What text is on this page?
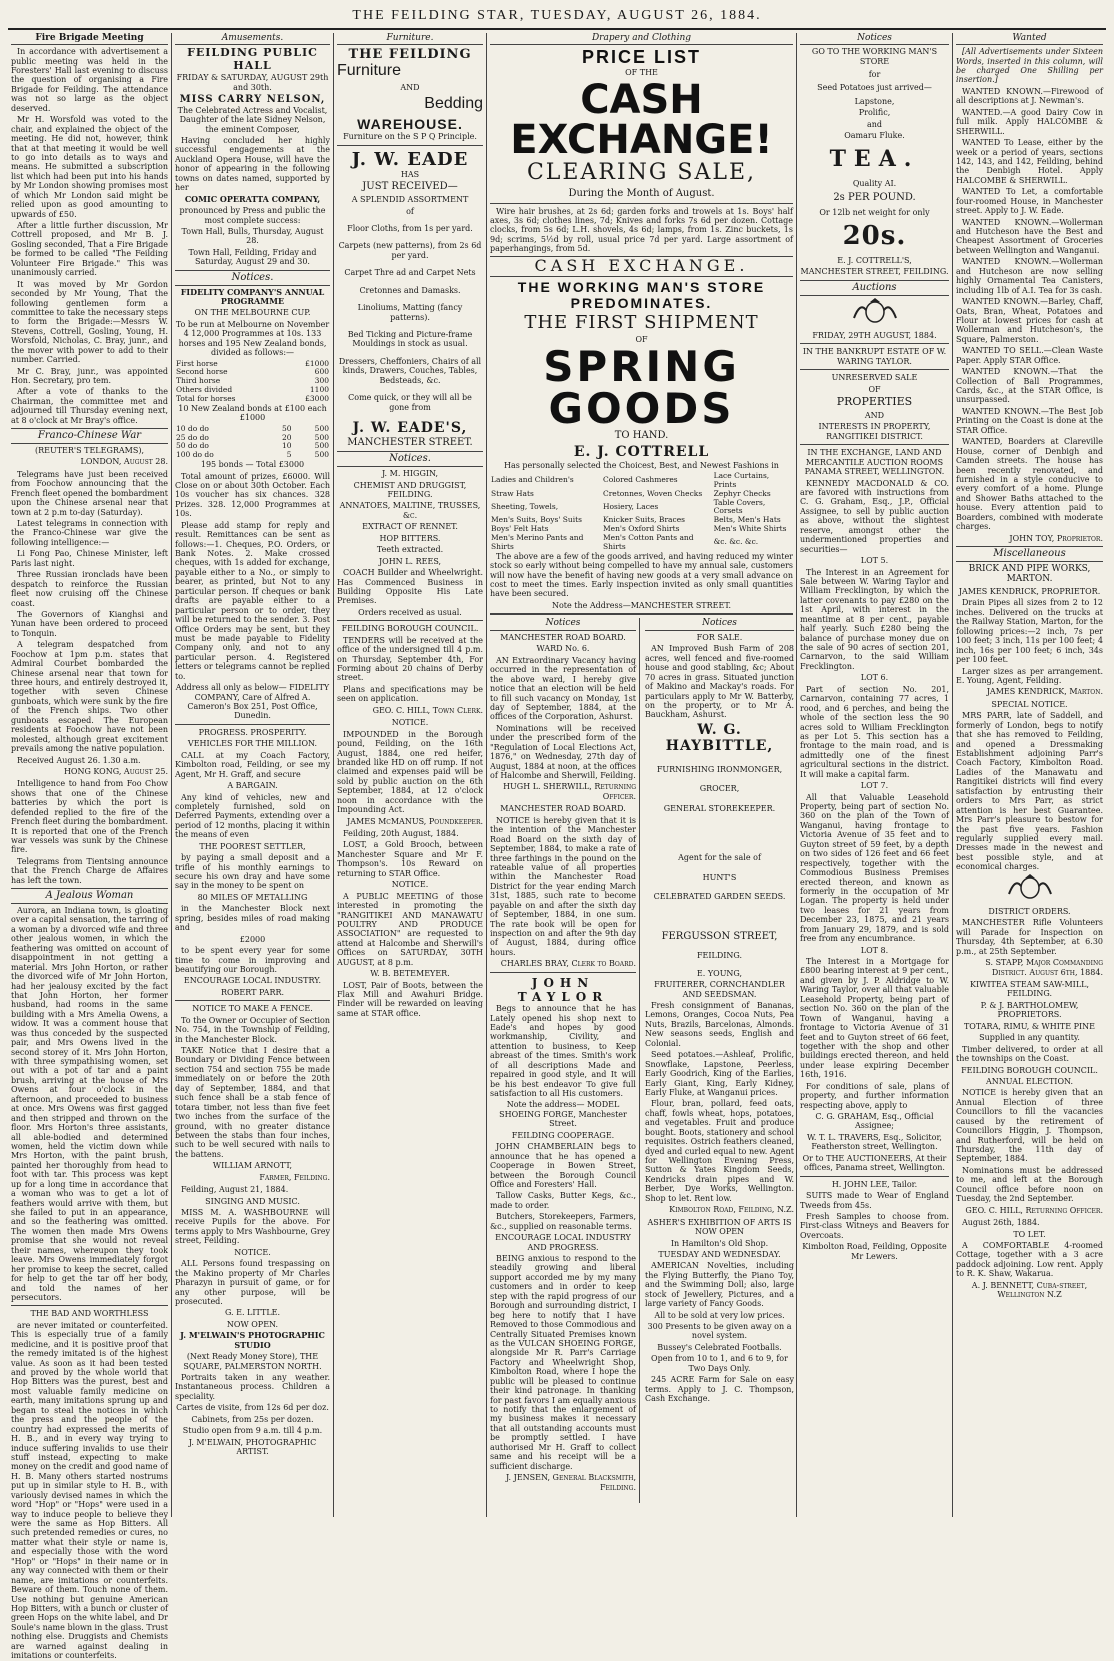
THE FEILDING STAR, TUESDAY, AUGUST 26, 1884.
Fire Brigade Meeting
In accordance with advertisement a public meeting was held in the Foresters' Hall last evening to discuss the question of organising a Fire Brigade for Feilding. The attendance was not so large as the object deserved.
Mr H. Worsfold was voted to the chair, and explained the object of the meeting. He did not, however, think that at that meeting it would be well to go into details as to ways and means. He submitted a subscription list which had been put into his hands by Mr London showing promises most of which Mr London said might be relied upon as good amounting to upwards of £50.
After a little further discussion, Mr Cottrell proposed, and Mr B. J. Gosling seconded, That a Fire Brigade be formed to be called "The Feilding Volunteer Fire Brigade." This was unanimously carried.
It was moved by Mr Gordon seconded by Mr Young, That the following gentlemen form a committee to take the necessary steps to form the Brigade:—Messrs W. Stevens, Cottrell, Gosling, Young, H. Worsfold, Nicholas, C. Bray, junr., and the mover with power to add to their number. Carried.
Mr C. Bray, junr., was appointed Hon. Secretary, pro tem.
After a vote of thanks to the Chairman, the committee met and adjourned till Thursday evening next, at 8 o'clock at Mr Bray's office.
Franco-Chinese War
(REUTER'S TELEGRAMS),
LONDON, August 28.
Telegrams have just been received from Foochow announcing that the French fleet opened the bombardment upon the Chinese arsenal near that town at 2 p.m to-day (Saturday).
Latest telegrams in connection with the Franco-Chinese war give the following intelligence:—
Li Fong Pao, Chinese Minister, left Paris last night.
Three Russian ironclads have been despatch to reinforce the Russian fleet now cruising off the Chinese coast.
The Governors of Kianghsi and Yunan have been ordered to proceed to Tonquin.
A telegram despatched from Foochow at 1pm p.m. states that Admiral Courbet bombarded the Chinese arsenal near that town for three hours, and entirely destroyed it, together with seven Chinese gunboats, which were sunk by the fire of the French ships. Two other gunboats escaped. The European residents at Foochow have not been molested, although great excitement prevails among the native population.
Received August 26. 1.30 a.m.
HONG KONG, August 25.
Intelligence to hand from Foo Chow shows that one of the Chinese batteries by which the port is defended replied to the fire of the French fleet during the bombardment. It is reported that one of the French war vessels was sunk by the Chinese fire.
Telegrams from Tientsing announce that the French Charge de Affaires has left the town.
A Jealous Woman
Aurora, an Indiana town, is gloating over a capital sensation, the tarring of a woman by a divorced wife and three other jealous women, in which the feathering was omitted on account of disappointment in not getting a material. Mrs John Horton, or rather the divorced wife of Mr John Horton, had her jealousy excited by the fact that John Horton, her former husband, had rooms in the same building with a Mrs Amelia Owens, a widow. It was a comment house that was thus conceded by the suspected pair, and Mrs Owens lived in the second storey of it. Mrs John Horton, with three sympathising women, set out with a pot of tar and a paint brush, arriving at the house of Mrs Owens at four o'clock in the afternoon, and proceeded to business at once. Mrs Owens was first gagged and then stripped and thrown on the floor. Mrs Horton's three assistants, all able-bodied and determined women, held the victim down while Mrs Horton, with the paint brush, painted her thoroughly from head to foot with tar. This process was kept up for a long time in accordance that a woman who was to get a lot of feathers would arrive with them, but she failed to put in an appearance, and so the feathering was omitted. The women then made Mrs Owens promise that she would not reveal their names, whereupon they took leave. Mrs Owens immediately forgot her promise to keep the secret, called for help to get the tar off her body, and told the names of her persecutors.
THE BAD AND WORTHLESS
are never imitated or counterfeited. This is especially true of a family medicine, and it is positive proof that the remedy imitated is of the highest value. As soon as it had been tested and proved by the whole world that Hop Bitters was the purest, best and most valuable family medicine on earth, many imitations sprung up and began to steal the notices in which the press and the people of the country had expressed the merits of H. B., and in every way trying to induce suffering invalids to use their stuff instead, expecting to make money on the credit and good name of H. B. Many others started nostrums put up in similar style to H. B., with variously devised names in which the word "Hop" or "Hops" were used in a way to induce people to believe they were the same as Hop Bitters. All such pretended remedies or cures, no matter what their style or name is, and especially those with the word "Hop" or "Hops" in their name or in any way connected with them or their name, are imitations or counterfeits. Beware of them. Touch none of them. Use nothing but genuine American Hop Bitters, with a bunch or cluster of green Hops on the white label, and Dr Soule's name blown in the glass. Trust nothing else. Druggists and Chemists are warned against dealing in imitations or counterfeits.
Amusements.
FEILDING PUBLIC HALL
FRIDAY & SATURDAY, AUGUST 29th and 30th.
MISS CARRY NELSON,
The Celebrated Actress and Vocalist, Daughter of the late Sidney Nelson, the eminent Composer,
Having concluded her highly successful engagements at the Auckland Opera House, will have the honor of appearing in the following towns on dates named, supported by her
COMIC OPERATTA COMPANY,
pronounced by Press and public the most complete success:
Town Hall, Bulls, Thursday, August 28.
Town Hall, Feilding, Friday and Saturday, August 29 and 30.
Notices.
FIDELITY COMPANY'S ANNUAL PROGRAMME
ON THE MELBOURNE CUP.
To be run at Melbourne on November 4 12,000 Programmes at 10s. 133 horses and 195 New Zealand bonds, divided as follows:—
First horse	£1000
Second horse	600
Third horse	300
Others divided	1100
Total for horses	£3000
10 New Zealand bonds at £100 each £1000
10 do do	50	500
25 do do	20	500
50 do do	10	500
100 do do	5	500
195 bonds — Total £3000
Total amount of prizes, £6000. Will Close on or about 30th October. Each 10s voucher has six chances. 328 Prizes. 328. 12,000 Programmes at 10s.
Please add stamp for reply and result. Remittances can be sent as follows:—1. Cheques, P.O. Orders, or Bank Notes. 2. Make crossed cheques, with 1s added for exchange, payable either to a No., or simply to bearer, as printed, but Not to any particular person. If cheques or bank drafts are payable either to a particular person or to order, they will be returned to the sender. 3. Post Office Orders may be sent, but they must be made payable to Fidelity Company only, and not to any particular person. 4. Registered letters or telegrams cannot be replied to.
Address all only as below— FIDELITY COMPANY, Care of Alfred A. Cameron's Box 251, Post Office, Dunedin.
PROGRESS. PROSPERITY.
VEHICLES FOR THE MILLION.
CALL at my Coach Factory, Kimbolton road, Feilding, or see my Agent, Mr H. Graff, and secure
A BARGAIN.
Any kind of vehicles, new and completely furnished, sold on Deferred Payments, extending over a period of 12 months, placing it within the means of even
THE POOREST SETTLER,
by paying a small deposit and a trifle of his monthly earnings to secure his own dray and have some say in the money to be spent on
80 MILES OF METALLING
in the Manchester Block next spring, besides miles of road making and
£2000
to be spent every year for some time to come in improving and beautifying our Borough.
ENCOURAGE LOCAL INDUSTRY.
ROBERT PARR.
NOTICE TO MAKE A FENCE.
To the Owner or Occupier of Section No. 754, in the Township of Feilding, in the Manchester Block.
TAKE Notice that I desire that a Boundary or Dividing Fence between section 754 and section 755 be made immediately on or before the 20th day of September, 1884, and that such fence shall be a stab fence of totara timber, not less than five feet two inches from the surface of the ground, with no greater distance between the stabs than four inches, such to be well secured with nails to the battens.
WILLIAM ARNOTT,
Farmer, Feilding.
Feilding, August 21, 1884.
SINGING AND MUSIC.
MISS M. A. WASHBOURNE will receive Pupils for the above. For terms apply to Mrs Washbourne, Grey street, Feilding.
NOTICE.
ALL Persons found trespassing on the Makino property of Mr Charles Pharazyn in pursuit of game, or for any other purpose, will be prosecuted.
G. E. LITTLE.
NOW OPEN.
J. M'ELWAIN'S PHOTOGRAPHIC STUDIO
(Next Ready Money Store), THE SQUARE, PALMERSTON NORTH.
Portraits taken in any weather. Instantaneous process. Children a speciality.
Cartes de visite, from 12s 6d per doz.
Cabinets, from 25s per dozen.
Studio open from 9 a.m. till 4 p.m.
J. M'ELWAIN, PHOTOGRAPHIC ARTIST.
Furniture.
THE FEILDING
Furniture
AND
Bedding
WAREHOUSE.
Furniture on the S P Q Principle.
J. W. EADE
HAS
JUST RECEIVED—
A SPLENDID ASSORTMENT
of
Floor Cloths, from 1s per yard.
Carpets (new patterns), from 2s 6d per yard.
Carpet Thre ad and Carpet Nets
Cretonnes and Damasks.
Linoliums, Matting (fancy patterns).
Bed Ticking and Picture-frame Mouldings in stock as usual.
Dressers, Cheffoniers, Chairs of all kinds, Drawers, Couches, Tables, Bedsteads, &c.
Come quick, or they will all be gone from
J. W. EADE'S,
MANCHESTER STREET.
Notices.
J. M. HIGGIN,
CHEMIST AND DRUGGIST, FEILDING.
ANNATOES, MALTINE, TRUSSES, &c.
EXTRACT OF RENNET.
HOP BITTERS.
Teeth extracted.
JOHN L. REES,
COACH Builder and Wheelwright. Has Commenced Business in Building Opposite His Late Premises.
Orders received as usual.
FEILDING BOROUGH COUNCIL.
TENDERS will be received at the office of the undersigned till 4 p.m. on Thursday, September 4th, For Forming about 20 chains of Derby street.
Plans and specifications may be seen on application.
GEO. C. HILL, Town Clerk.
NOTICE.
IMPOUNDED in the Borough pound, Feilding, on the 16th August, 1884, one red heifer, branded like HD on off rump. If not claimed and expenses paid will be sold by public auction on the 6th September, 1884, at 12 o'clock noon in accordance with the Impounding Act.
JAMES McMANUS, Poundkeeper.
Feilding, 20th August, 1884.
LOST, a Gold Brooch, between Manchester Square and Mr F. Thompson's. 10s Reward on returning to STAR Office.
NOTICE.
A PUBLIC MEETING of those interested in promoting the "RANGITIKEI AND MANAWATU POULTRY AND PRODUCE ASSOCIATION" are requested to attend at Halcombe and Sherwill's Offices on SATURDAY, 30TH AUGUST, at 8 p.m.
W. B. BETEMEYER.
LOST, Pair of Boots, between the Flax Mill and Awahuri Bridge. Finder will be rewarded on leaving same at STAR office.
Drapery and Clothing
PRICE LIST
OF THE
CASH EXCHANGE!
CLEARING SALE,
During the Month of August.
Wire hair brushes, at 2s 6d; garden forks and trowels at 1s. Boys' half axes, 3s 6d; clothes lines, 7d; Knives and forks 7s 6d per dozen. Cottage clocks, from 5s 6d; L.H. shovels, 4s 6d; lamps, from 1s. Zinc buckets, 1s 9d; scrims, 5½d by roll, usual price 7d per yard. Large assortment of paperhangings, from 5d.
CASH EXCHANGE.
THE WORKING MAN'S STORE PREDOMINATES.
THE FIRST SHIPMENT
OF
SPRING GOODS
TO HAND.
E. J. COTTRELL
Has personally selected the Choicest, Best, and Newest Fashions in
Ladies and Children's	Colored Cashmeres	Lace Curtains, Prints
Straw Hats	Cretonnes, Woven Checks	Zephyr Checks
Sheeting, Towels,	Hosiery, Laces	Table Covers, Corsets
Men's Suits, Boys' Suits	Knicker Suits, Braces	Belts, Men's Hats
Boys' Felt Hats	Men's Oxford Shirts	Men's White Shirts
Men's Merino Pants and Shirts	Men's Cotton Pants and Shirts	&c. &c. &c.
The above are a few of the goods arrived, and having reduced my winter stock so early without being compelled to have my annual sale, customers will now have the benefit of having new goods at a very small advance on cost to meet the times. Early inspection invited as only small quantities have been secured.
Note the Address—MANCHESTER STREET.
Notices
MANCHESTER ROAD BOARD.
WARD No. 6.
AN Extraordinary Vacancy having occurred in the representation of the above ward, I hereby give notice that an election will be held to fill such vacancy on Monday, 1st day of September, 1884, at the offices of the Corporation, Ashurst.
Nominations will be received under the prescribed form of the "Regulation of Local Elections Act, 1876," on Wednesday, 27th day of August, 1884 at noon, at the offices of Halcombe and Sherwill, Feilding.
HUGH L. SHERWILL, Returning Officer.
MANCHESTER ROAD BOARD.
NOTICE is hereby given that it is the intention of the Manchester Road Board on the sixth day of September, 1884, to make a rate of three farthings in the pound on the rateable value of all properties within the Manchester Road District for the year ending March 31st, 1885, such rate to become payable on and after the sixth day of September, 1884, in one sum. The rate book will be open for inspection on and after the 9th day of August, 1884, during office hours.
CHARLES BRAY, Clerk to Board.
JOHN TAYLOR
Begs to announce that he has Lately opened his shop next to Eade's and hopes by good workmanship, Civility, and attention to business, to Keep abreast of the times. Smith's work of all descriptions Made and repaired in good style, and It will be his best endeavor To give full satisfaction to all His customers.
Note the address— MODEL SHOEING FORGE, Manchester Street.
FEILDING COOPERAGE.
JOHN CHAMBERLAIN begs to announce that he has opened a Cooperage in Bowen Street, between the Borough Council Office and Foresters' Hall.
Tallow Casks, Butter Kegs, &c., made to order.
Butchers, Storekeepers, Farmers, &c., supplied on reasonable terms.
ENCOURAGE LOCAL INDUSTRY AND PROGRESS.
BEING anxious to respond to the steadily growing and liberal support accorded me by my many customers and in order to keep step with the rapid progress of our Borough and surrounding district, I beg here to notify that I have Removed to those Commodious and Centrally Situated Premises known as the VULCAN SHOEING FORGE, alongside Mr R. Parr's Carriage Factory and Wheelwright Shop, Kimbolton Road, where I hope the public will be pleased to continue their kind patronage. In thanking for past favors I am equally anxious to notify that the enlargement of my business makes it necessary that all outstanding accounts must be promptly settled. I have authorised Mr H. Graff to collect same and his receipt will be a sufficient discharge.
J. JENSEN, General Blacksmith, Feilding.
Notices
FOR SALE.
AN Improved Bush Farm of 208 acres, well fenced and five-roomed house and good stabling, &c; About 70 acres in grass. Situated junction of Makino and Mackay's roads. For particulars apply to Mr W. Batterby, on the property, or to Mr A. Bauckham, Ashurst.
W. G. HAYBITTLE,
FURNISHING IRONMONGER,
GROCER,
GENERAL STOREKEEPER.
Agent for the sale of
HUNT'S
CELEBRATED GARDEN SEEDS.
FERGUSSON STREET,
FEILDING.
E. YOUNG,
FRUITERER, CORNCHANDLER AND SEEDSMAN.
Fresh consignment of Bananas, Lemons, Oranges, Cocoa Nuts, Pea Nuts, Brazils, Barcelonas, Almonds. New seasons seeds, English and Colonial.
Seed potatoes.—Ashleaf, Prolific, Snowflake, Lapstone, Peerless, Early Goodrich, King of the Earlies, Early Giant, King, Early Kidney, Early Fluke, at Wanganui prices.
Flour, bran, pollard, feed oats, chaff, fowls wheat, hops, potatoes, and vegetables. Fruit and produce bought. Boots, stationery and school requisites. Ostrich feathers cleaned, dyed and curled equal to new. Agent for Wellington Evening Press, Sutton & Yates Kingdom Seeds, Kendricks drain pipes and W. Berber, Dye Works, Wellington. Shop to let. Rent low.
Kimbolton Road, Feilding, N.Z.
ASHER'S EXHIBITION OF ARTS IS NOW OPEN
In Hamilton's Old Shop.
TUESDAY AND WEDNESDAY.
AMERICAN Novelties, including the Flying Butterfly, the Piano Toy, and the Swimming Doll; also, large stock of Jewellery, Pictures, and a large variety of Fancy Goods.
All to be sold at very low prices.
300 Presents to be given away on a novel system.
Bussey's Celebrated Footballs.
Open from 10 to 1, and 6 to 9, for Two Days Only.
245 ACRE Farm for Sale on easy terms. Apply to J. C. Thompson, Cash Exchange.
Notices
GO TO THE WORKING MAN'S STORE
for
Seed Potatoes just arrived—
Lapstone,
Prolific,
and
Oamaru Fluke.
TEA.
Quality AI.
2s PER POUND.
Or 12lb net weight for only
20s.
E. J. COTTRELL'S,
MANCHESTER STREET, FEILDING.
Auctions
FRIDAY, 29TH AUGUST, 1884.
IN THE BANKRUPT ESTATE OF W. WARING TAYLOR.
UNRESERVED SALE
OF
PROPERTIES
AND
INTERESTS IN PROPERTY, RANGITIKEI DISTRICT.
IN THE EXCHANGE, LAND AND MERCANTILE AUCTION ROOMS PANAMA STREET, WELLINGTON.
KENNEDY MACDONALD & CO. are favored with instructions from C. G. Graham, Esq., J.P., Official Assignee, to sell by public auction as above, without the slightest reserve, amongst other the undermentioned properties and securities—
LOT 5.
The Interest in an Agreement for Sale between W. Waring Taylor and William Frecklington, by which the latter covenants to pay £280 on the 1st April, with interest in the meantime at 8 per cent., payable half yearly. Such £280 being the balance of purchase money due on the sale of 90 acres of section 201, Carnarvon, to the said William Frecklington.
LOT 6.
Part of section No. 201, Carnarvon, containing 77 acres, 1 rood, and 6 perches, and being the whole of the section less the 90 acres sold to William Frecklington as per Lot 5. This section has a frontage to the main road, and is admittedly one of the finest agricultural sections in the district. It will make a capital farm.
LOT 7.
All that Valuable Leasehold Property, being part of section No. 360 on the plan of the Town of Wanganui, having frontage to Victoria Avenue of 35 feet and to Guyton street of 59 feet, by a depth on two sides of 126 feet and 66 feet respectively, together with the Commodious Business Premises erected thereon, and known as formerly in the occupation of Mr Logan. The property is held under two leases for 21 years from December 23, 1875, and 21 years from January 29, 1879, and is sold free from any encumbrance.
LOT 8.
The Interest in a Mortgage for £800 bearing interest at 9 per cent., and given by J. P. Aldridge to W. Waring Taylor, over all that valuable Leasehold Property, being part of section No. 360 on the plan of the Town of Wanganui, having a frontage to Victoria Avenue of 31 feet and to Guyton street of 66 feet, together with the shop and other buildings erected thereon, and held under lease expiring December 16th, 1916.
For conditions of sale, plans of property, and further information respecting above, apply to
C. G. GRAHAM, Esq., Official Assignee;
W. T. L. TRAVERS, Esq., Solicitor, Featherston street, Wellington.
Or to THE AUCTIONEERS, At their offices, Panama street, Wellington.
H. JOHN LEE, Tailor.
SUITS made to Wear of England Tweeds from 45s.
Fresh Samples to choose from. First-class Witneys and Beavers for Overcoats.
Kimbolton Road, Feilding, Opposite Mr Lewers.
Wanted
[All Advertisements under Sixteen Words, inserted in this column, will be charged One Shilling per insertion.]
WANTED KNOWN.—Firewood of all descriptions at J. Newman's.
WANTED.—A good Dairy Cow in full milk. Apply HALCOMBE & SHERWILL.
WANTED To Lease, either by the week or a period of years, sections 142, 143, and 142, Feilding, behind the Denbigh Hotel. Apply HALCOMBE & SHERWILL.
WANTED To Let, a comfortable four-roomed House, in Manchester street. Apply to J. W. Eade.
WANTED KNOWN.—Wollerman and Hutcheson have the Best and Cheapest Assortment of Groceries between Wellington and Wanganui.
WANTED KNOWN.—Wollerman and Hutcheson are now selling highly Ornamental Tea Canisters, including 1lb of A.I. Tea for 3s cash.
WANTED KNOWN.—Barley, Chaff, Oats, Bran, Wheat, Potatoes and Flour at lowest prices for cash at Wollerman and Hutcheson's, the Square, Palmerston.
WANTED TO SELL.—Clean Waste Paper. Apply STAR Office.
WANTED KNOWN.—That the Collection of Ball Programmes, Cards, &c., at the STAR Office, is unsurpassed.
WANTED KNOWN.—The Best Job Printing on the Coast is done at the STAR Office.
WANTED, Boarders at Clareville House, corner of Denbigh and Camden streets. The house has been recently renovated, and furnished in a style conducive to every comfort of a home. Plunge and Shower Baths attached to the house. Every attention paid to Boarders, combined with moderate charges.
JOHN TOY, Proprietor.
Miscellaneous
BRICK AND PIPE WORKS, MARTON.
JAMES KENDRICK, PROPRIETOR.
Drain Pipes all sizes from 2 to 12 inches. Delivered on the trucks at the Railway Station, Marton, for the following prices:—2 inch, 7s per 100 feet; 3 inch, 11s per 100 feet; 4 inch, 16s per 100 feet; 6 inch, 34s per 100 feet.
Larger sizes as per arrangement. E. Young, Agent, Feilding.
JAMES KENDRICK, Marton.
SPECIAL NOTICE.
MRS PARR, late of Saddell, and formerly of London, begs to notify that she has removed to Feilding, and opened a Dressmaking Establishment adjoining Parr's Coach Factory, Kimbolton Road. Ladies of the Manawatu and Rangitikei districts will find every satisfaction by entrusting their orders to Mrs Parr, as strict attention is her best Guarantee. Mrs Parr's pleasure to bestow for the past five years. Fashion regularly supplied every mail. Dresses made in the newest and best possible style, and at economical charges.
DISTRICT ORDERS.
MANCHESTER Rifle Volunteers will Parade for Inspection on Thursday, 4th September, at 6.30 p.m., at 25th September.
S. STAPP, Major Commanding District. August 6th, 1884.
KIWITEA STEAM SAW-MILL, FEILDING.
P. & J. BARTHOLOMEW, PROPRIETORS.
TOTARA, RIMU, & WHITE PINE
Supplied in any quantity.
Timber delivered, to order at all the townships on the Coast.
FEILDING BOROUGH COUNCIL.
ANNUAL ELECTION.
NOTICE is hereby given that an Annual Election of three Councillors to fill the vacancies caused by the retirement of Councillors Higgin, J. Thompson, and Rutherford, will be held on Thursday, the 11th day of September, 1884.
Nominations must be addressed to me, and left at the Borough Council office before noon on Tuesday, the 2nd September.
GEO. C. HILL, Returning Officer.
August 26th, 1884.
TO LET.
A COMFORTABLE 4-roomed Cottage, together with a 3 acre paddock adjoining. Low rent. Apply to R. K. Shaw, Wakarua.
A. J. BENNETT, Cuba-street, Wellington N.Z
